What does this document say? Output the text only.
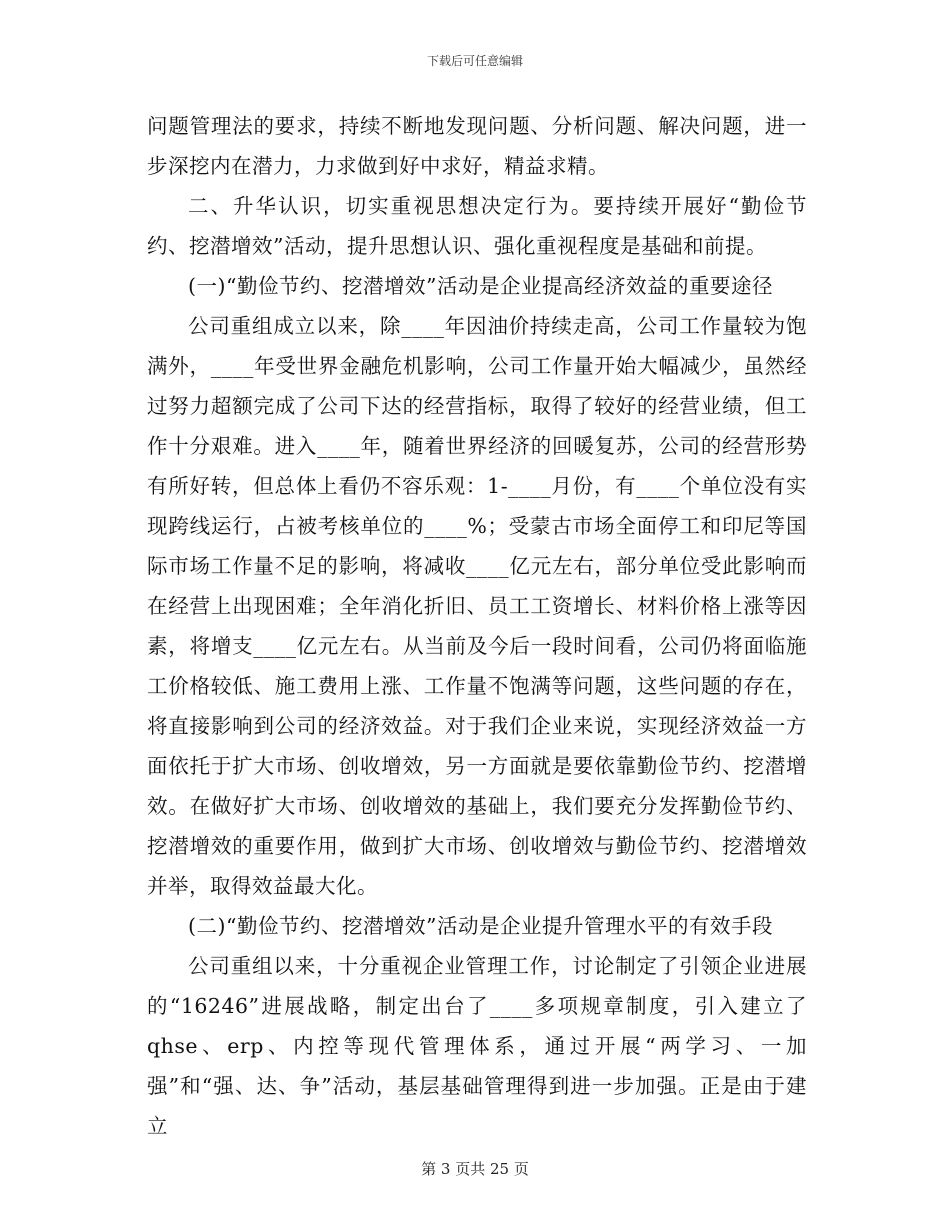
下载后可任意编辑

问题管理法的要求，持续不断地发现问题、分析问题、解决问题，进一步深挖内在潜力，力求做到好中求好，精益求精。

二、升华认识，切实重视思想决定行为。要持续开展好“勤俭节约、挖潜增效”活动，提升思想认识、强化重视程度是基础和前提。

(一)“勤俭节约、挖潜增效”活动是企业提高经济效益的重要途径

公司重组成立以来，除____年因油价持续走高，公司工作量较为饱满外，____年受世界金融危机影响，公司工作量开始大幅减少，虽然经过努力超额完成了公司下达的经营指标，取得了较好的经营业绩，但工作十分艰难。进入____年，随着世界经济的回暖复苏，公司的经营形势有所好转，但总体上看仍不容乐观：1-____月份，有____个单位没有实现跨线运行，占被考核单位的____%；受蒙古市场全面停工和印尼等国际市场工作量不足的影响，将减收____亿元左右，部分单位受此影响而在经营上出现困难；全年消化折旧、员工工资增长、材料价格上涨等因素，将增支____亿元左右。从当前及今后一段时间看，公司仍将面临施工价格较低、施工费用上涨、工作量不饱满等问题，这些问题的存在，将直接影响到公司的经济效益。对于我们企业来说，实现经济效益一方面依托于扩大市场、创收增效，另一方面就是要依靠勤俭节约、挖潜增效。在做好扩大市场、创收增效的基础上，我们要充分发挥勤俭节约、挖潜增效的重要作用，做到扩大市场、创收增效与勤俭节约、挖潜增效并举，取得效益最大化。

(二)“勤俭节约、挖潜增效”活动是企业提升管理水平的有效手段

公司重组以来，十分重视企业管理工作，讨论制定了引领企业进展的“16246”进展战略，制定出台了____多项规章制度，引入建立了qhse、erp、内控等现代管理体系，通过开展“两学习、一加强”和“强、达、争”活动，基层基础管理得到进一步加强。正是由于建立

第 3 页共 25 页
